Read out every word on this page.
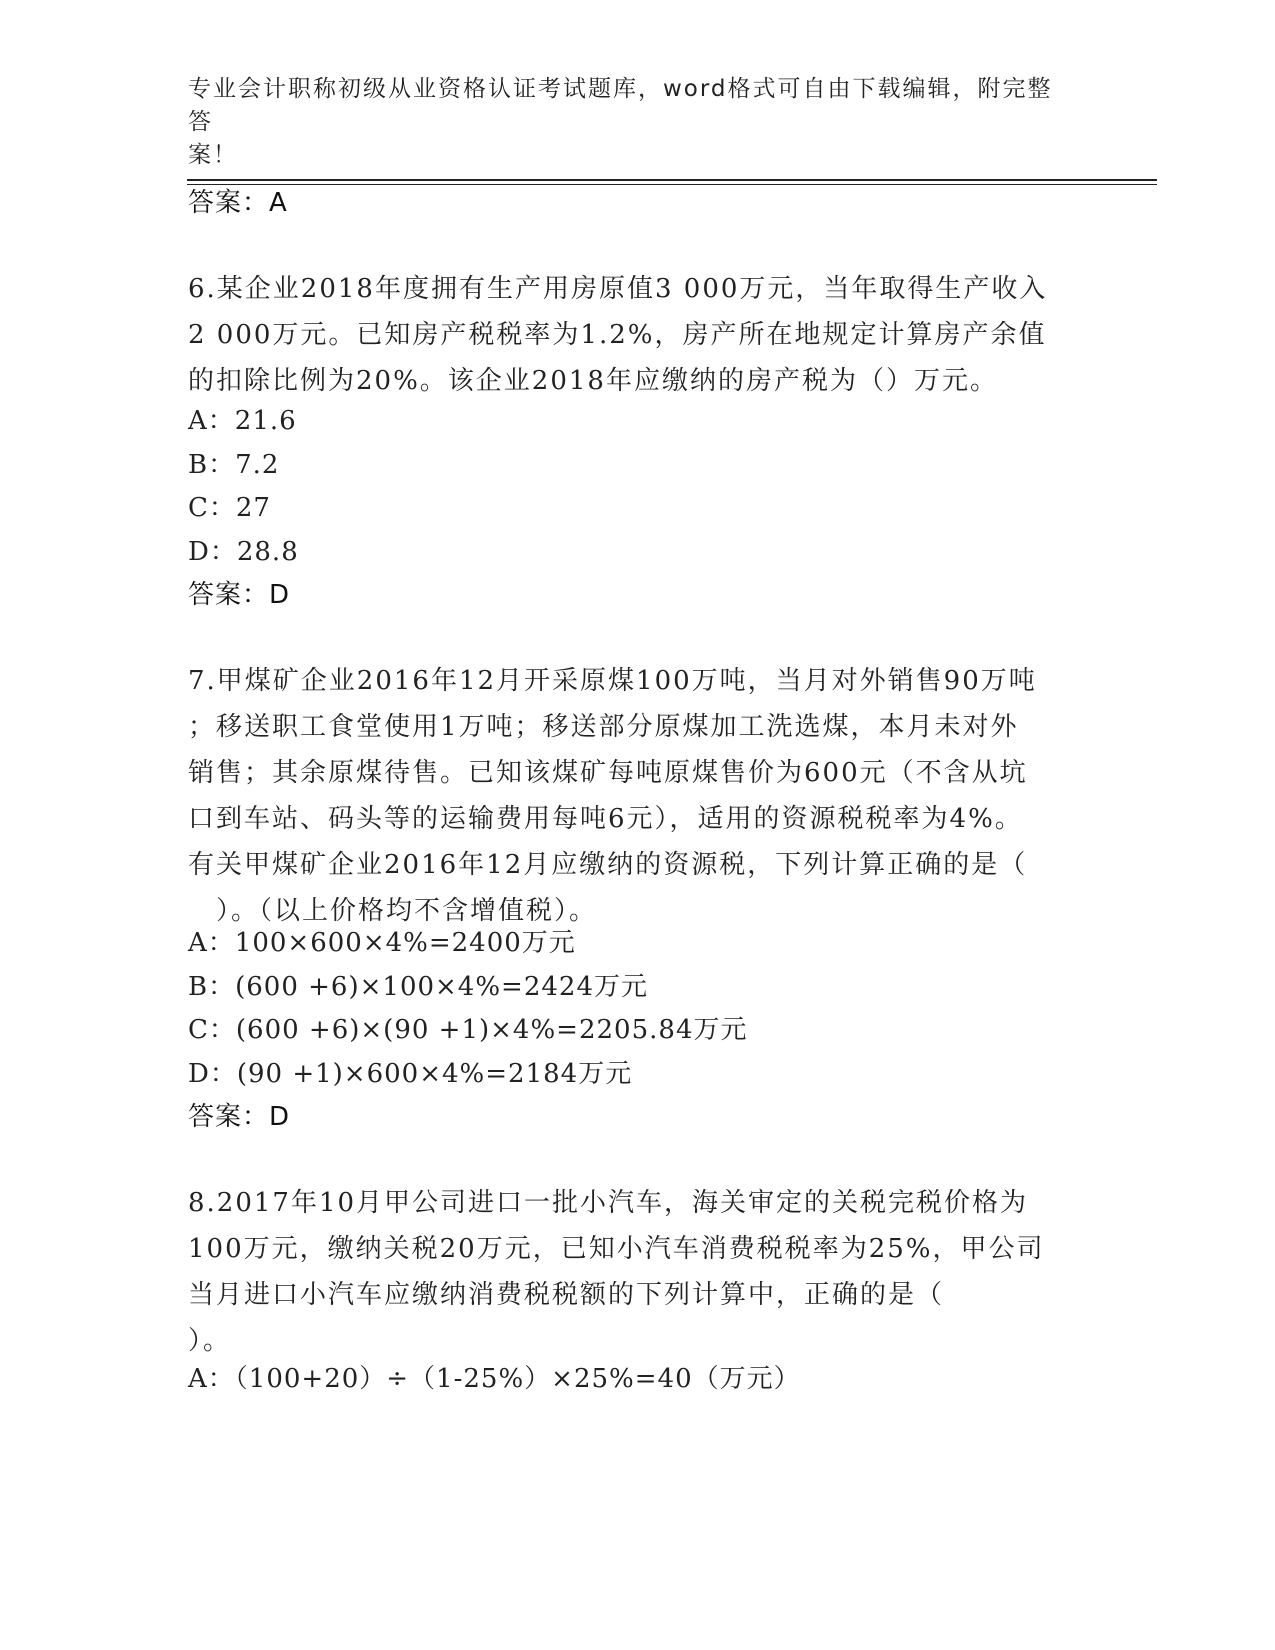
专业会计职称初级从业资格认证考试题库，word格式可自由下载编辑，附完整答
案！
答案：A
6.某企业2018年度拥有生产用房原值3 000万元，当年取得生产收入
2 000万元。已知房产税税率为1.2%，房产所在地规定计算房产余值
的扣除比例为20%。该企业2018年应缴纳的房产税为（）万元。
A：21.6
B：7.2
C：27
D：28.8
答案：D
7.甲煤矿企业2016年12月开采原煤100万吨，当月对外销售90万吨
；移送职工食堂使用1万吨；移送部分原煤加工洗选煤，本月未对外
销售；其余原煤待售。已知该煤矿每吨原煤售价为600元（不含从坑
口到车站、码头等的运输费用每吨6元），适用的资源税税率为4%。
有关甲煤矿企业2016年12月应缴纳的资源税，下列计算正确的是（
　）。（以上价格均不含增值税）。
A：100×600×4%=2400万元
B：(600 +6)×100×4%=2424万元
C：(600 +6)×(90 +1)×4%=2205.84万元
D：(90 +1)×600×4%=2184万元
答案：D
8.2017年10月甲公司进口一批小汽车，海关审定的关税完税价格为
100万元，缴纳关税20万元，已知小汽车消费税税率为25%，甲公司
当月进口小汽车应缴纳消费税税额的下列计算中，正确的是（
）。
A：（100+20）÷（1-25%）×25%=40（万元）
